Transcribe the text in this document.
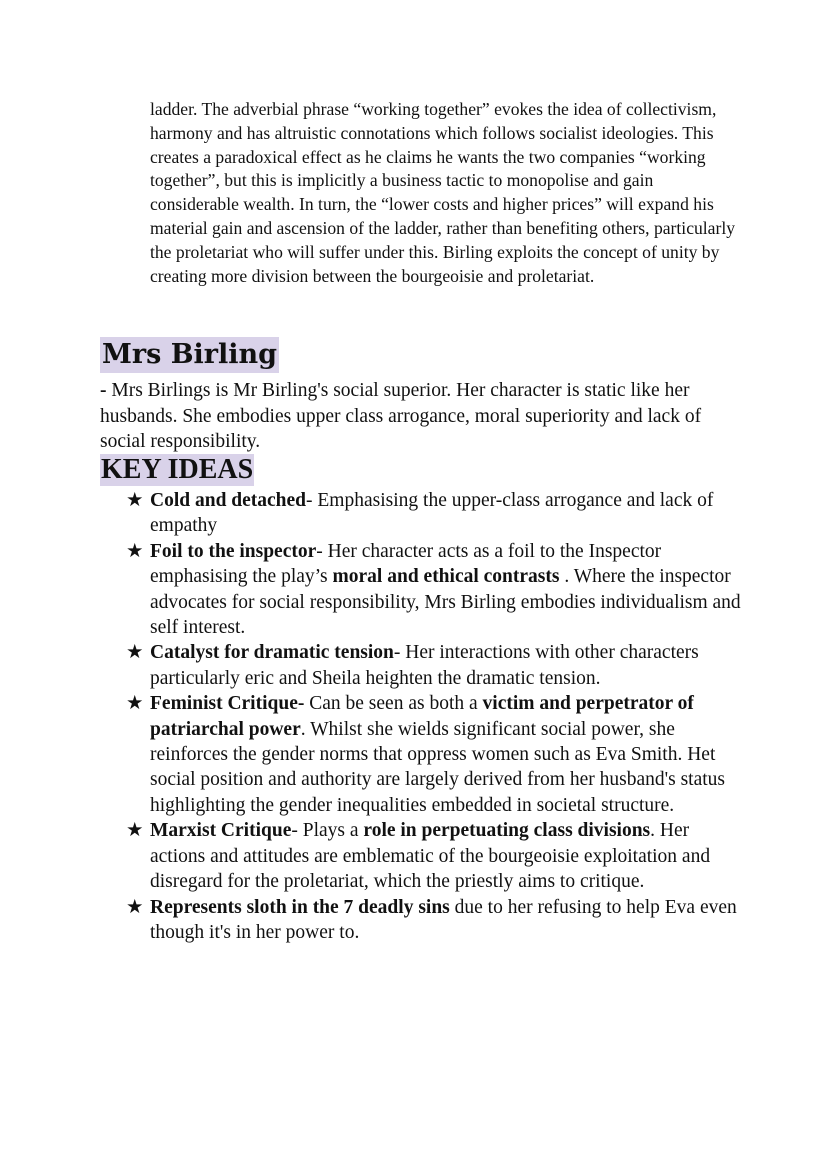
ladder. The adverbial phrase “working together” evokes the idea of collectivism, harmony and has altruistic connotations which follows socialist ideologies. This creates a paradoxical effect as he claims he wants the two companies “working together”, but this is implicitly a business tactic to monopolise and gain considerable wealth. In turn, the “lower costs and higher prices” will expand his material gain and ascension of the ladder, rather than benefiting others, particularly the proletariat who will suffer under this. Birling exploits the concept of unity by creating more division between the bourgeoisie and proletariat.

Mrs Birling

- Mrs Birlings is Mr Birling's social superior. Her character is static like her husbands. She embodies upper class arrogance, moral superiority and lack of social responsibility.

KEY IDEAS
★ Cold and detached- Emphasising the upper-class arrogance and lack of empathy
★ Foil to the inspector- Her character acts as a foil to the Inspector emphasising the play’s moral and ethical contrasts . Where the inspector advocates for social responsibility, Mrs Birling embodies individualism and self interest.
★ Catalyst for dramatic tension- Her interactions with other characters particularly eric and Sheila heighten the dramatic tension.
★ Feminist Critique- Can be seen as both a victim and perpetrator of patriarchal power. Whilst she wields significant social power, she reinforces the gender norms that oppress women such as Eva Smith. Het social position and authority are largely derived from her husband's status highlighting the gender inequalities embedded in societal structure.
★ Marxist Critique- Plays a role in perpetuating class divisions. Her actions and attitudes are emblematic of the bourgeoisie exploitation and disregard for the proletariat, which the priestly aims to critique.
★ Represents sloth in the 7 deadly sins due to her refusing to help Eva even though it's in her power to.
